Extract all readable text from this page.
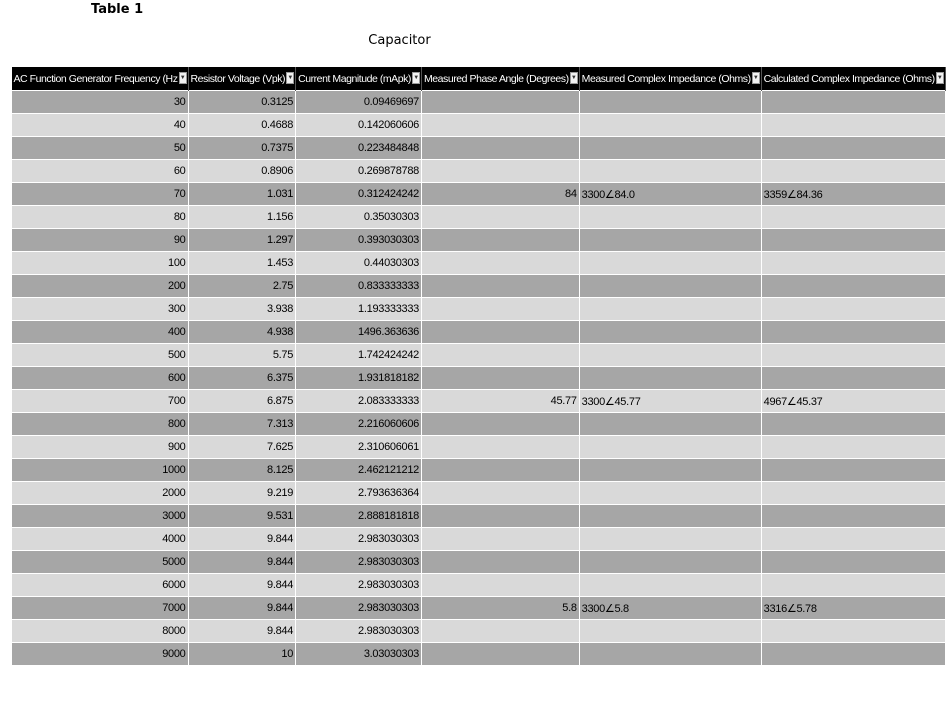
Table 1
Capacitor
AC Function Generator Frequency (Hz ▼	Resistor Voltage (Vpk) ▼	Current Magnitude (mApk) ▼	Measured Phase Angle (Degrees) ▼	Measured Complex Impedance (Ohms) ▼	Calculated Complex Impedance (Ohms) ▼

30	0.3125	0.09469697			
40	0.4688	0.142060606			
50	0.7375	0.223484848			
60	0.8906	0.269878788			
70	1.031	0.312424242	84	3300∠84.0	3359∠84.36
80	1.156	0.35030303			
90	1.297	0.393030303			
100	1.453	0.44030303			
200	2.75	0.833333333			
300	3.938	1.193333333			
400	4.938	1496.363636			
500	5.75	1.742424242			
600	6.375	1.931818182			
700	6.875	2.083333333	45.77	3300∠45.77	4967∠45.37
800	7.313	2.216060606			
900	7.625	2.310606061			
1000	8.125	2.462121212			
2000	9.219	2.793636364			
3000	9.531	2.888181818			
4000	9.844	2.983030303			
5000	9.844	2.983030303			
6000	9.844	2.983030303			
7000	9.844	2.983030303	5.8	3300∠5.8	3316∠5.78
8000	9.844	2.983030303			
9000	10	3.03030303			
